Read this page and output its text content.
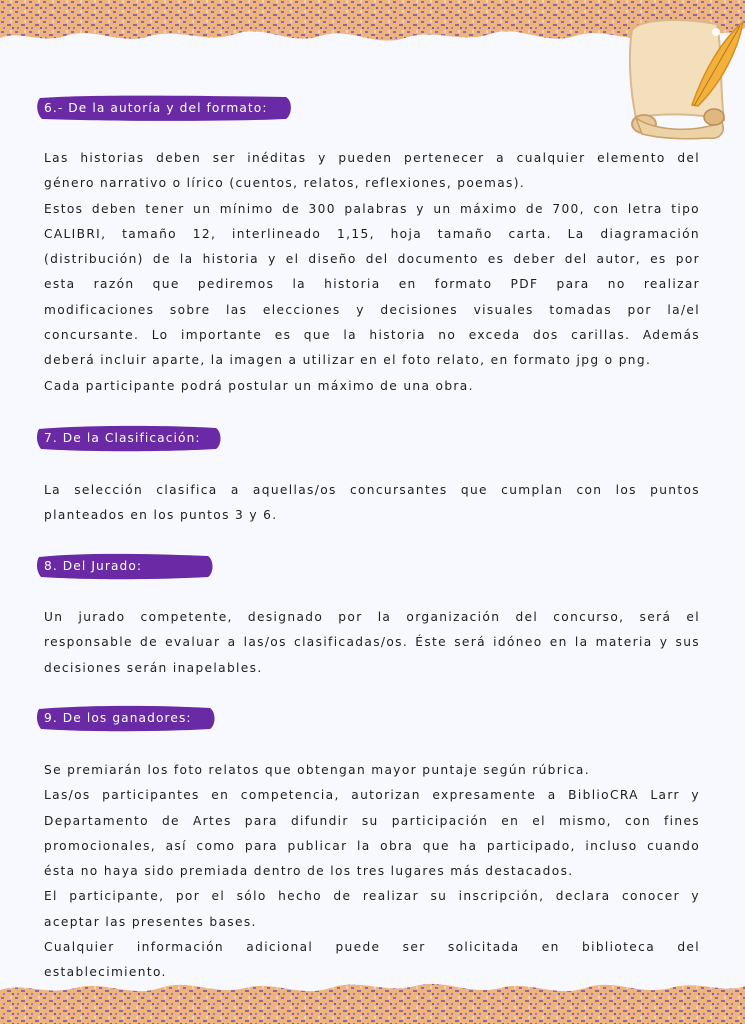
6.- De la autoría y del formato:
Las historias deben ser inéditas y pueden pertenecer a cualquier elemento del
género narrativo o lírico (cuentos, relatos, reflexiones, poemas).
Estos deben tener un mínimo de 300 palabras y un máximo de 700, con letra tipo
CALIBRI, tamaño 12, interlineado 1,15, hoja tamaño carta. La diagramación
(distribución) de la historia y el diseño del documento es deber del autor, es por
esta razón que pediremos la historia en formato PDF para no realizar
modificaciones sobre las elecciones y decisiones visuales tomadas por la/el
concursante. Lo importante es que la historia no exceda dos carillas. Además
deberá incluir aparte, la imagen a utilizar en el foto relato, en formato jpg o png.
Cada participante podrá postular un máximo de una obra.
7. De la Clasificación:
La selección clasifica a aquellas/os concursantes que cumplan con los puntos
planteados en los puntos 3 y 6.
8. Del Jurado:
Un jurado competente, designado por la organización del concurso, será el
responsable de evaluar a las/os clasificadas/os. Éste será idóneo en la materia y sus
decisiones serán inapelables.
9. De los ganadores:
Se premiarán los foto relatos que obtengan mayor puntaje según rúbrica.
Las/os participantes en competencia, autorizan expresamente a BiblioCRA Larr y
Departamento de Artes para difundir su participación en el mismo, con fines
promocionales, así como para publicar la obra que ha participado, incluso cuando
ésta no haya sido premiada dentro de los tres lugares más destacados.
El participante, por el sólo hecho de realizar su inscripción, declara conocer y
aceptar las presentes bases.
Cualquier información adicional puede ser solicitada en biblioteca del
establecimiento.
